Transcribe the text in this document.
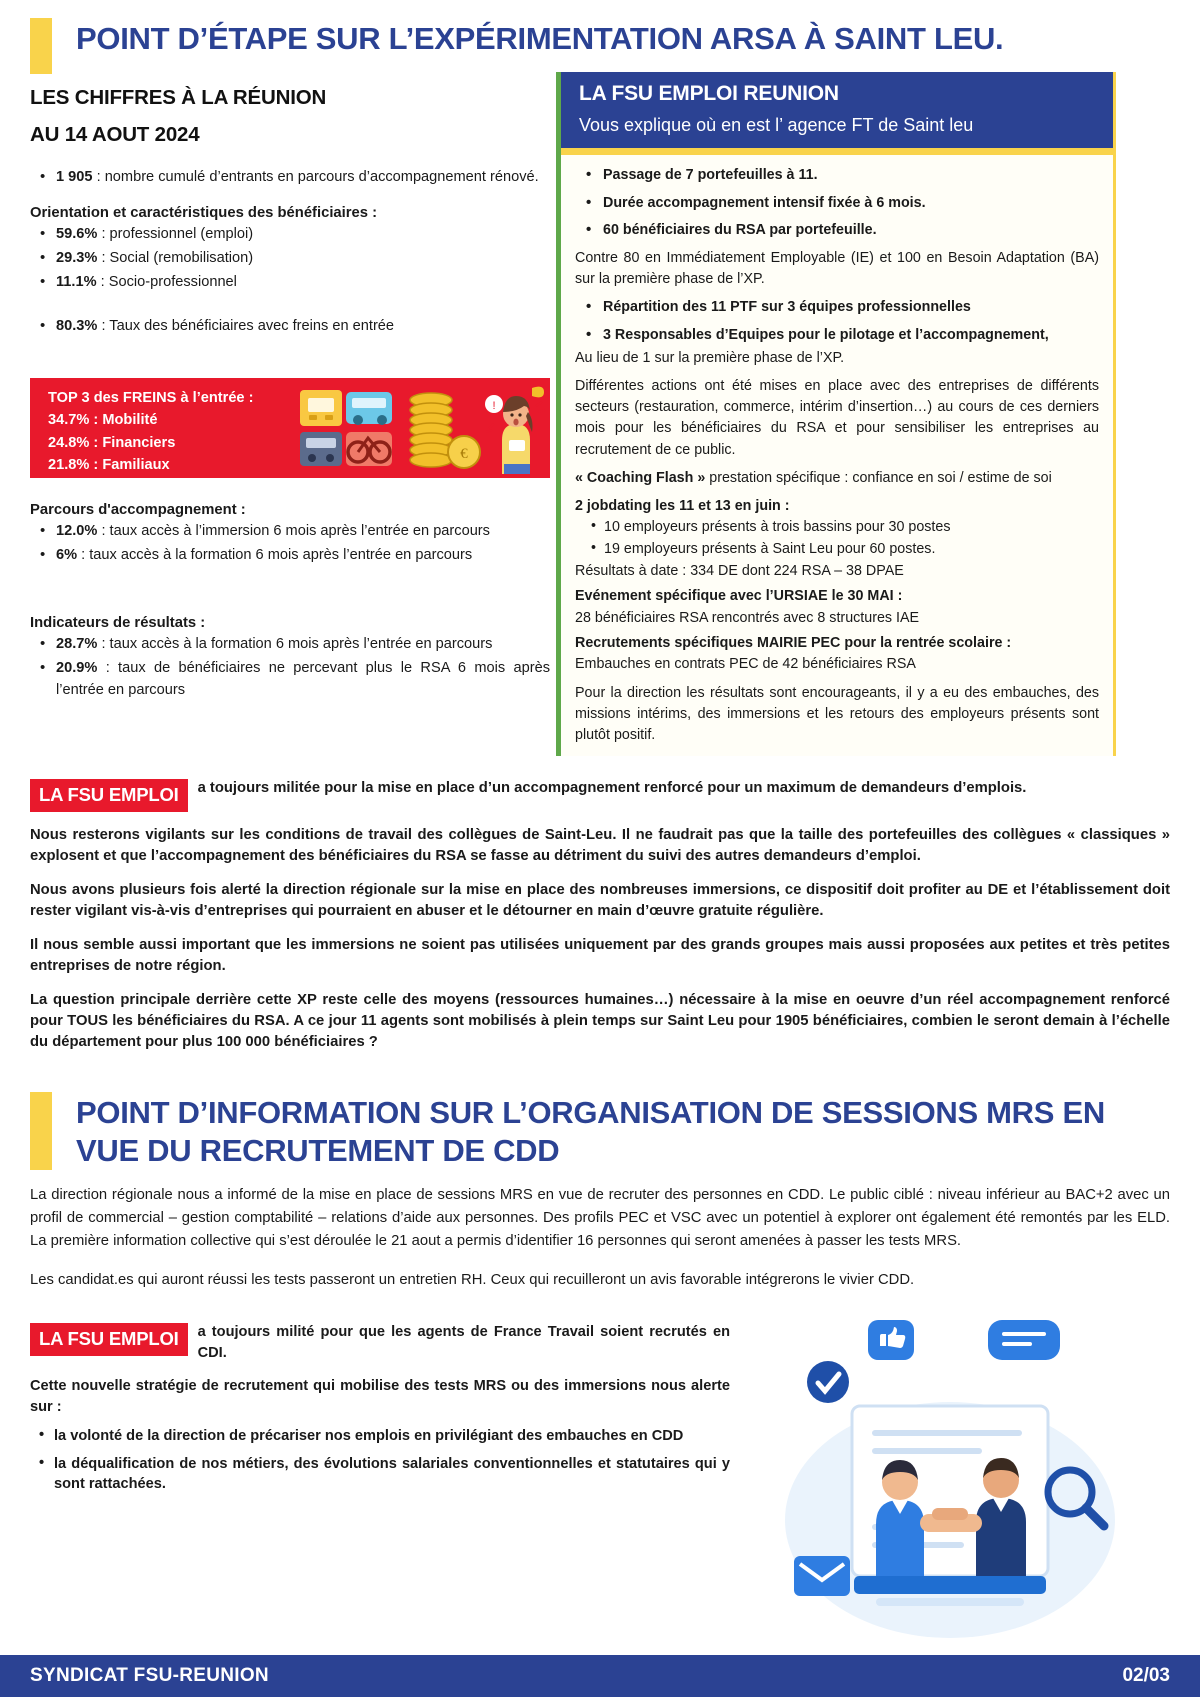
POINT D’ÉTAPE SUR L’EXPÉRIMENTATION ARSA À SAINT LEU.
LES CHIFFRES À LA RÉUNION
AU 14 AOUT 2024
• 1 905 : nombre cumulé d’entrants en parcours d’accompagnement rénové.
Orientation et caractéristiques des bénéficiaires :
• 59.6% : professionnel (emploi)
• 29.3% : Social (remobilisation)
• 11.1% : Socio-professionnel
• 80.3% : Taux des bénéficiaires avec freins en entrée
TOP 3 des FREINS à l’entrée :
34.7% : Mobilité
24.8% : Financiers
21.8% : Familiaux
€
!
Parcours d'accompagnement :
• 12.0% : taux accès à l’immersion 6 mois après l’entrée en parcours
• 6% : taux accès à la formation 6 mois après l’entrée en parcours
Indicateurs de résultats :
• 28.7% : taux accès à la formation 6 mois après l’entrée en parcours
• 20.9% : taux de bénéficiaires ne percevant plus le RSA 6 mois après l’entrée en parcours
LA FSU EMPLOI REUNION
Vous explique où en est l’ agence FT de Saint leu
• Passage de 7 portefeuilles à 11.
• Durée accompagnement intensif fixée à 6 mois.
• 60 bénéficiaires du RSA par portefeuille.

Contre 80 en Immédiatement Employable (IE) et 100 en Besoin Adaptation (BA) sur la première phase de l’XP.

• Répartition des 11 PTF sur 3 équipes professionnelles
• 3 Responsables d’Equipes pour le pilotage et l’accompagnement,

Au lieu de 1 sur la première phase de l’XP.

Différentes actions ont été mises en place avec des entreprises de différents secteurs (restauration, commerce, intérim d’insertion…) au cours de ces derniers mois pour les bénéficiaires du RSA et pour sensibiliser les entreprises au recrutement de ce public.

« Coaching Flash » prestation spécifique : confiance en soi / estime de soi

2 jobdating les 11 et 13 en juin :

• 10 employeurs présents à trois bassins pour 30 postes
• 19 employeurs présents à Saint Leu pour 60 postes.

Résultats à date : 334 DE dont 224 RSA – 38 DPAE

Evénement spécifique avec l’URSIAE le 30 MAI :

28 bénéficiaires RSA rencontrés avec 8 structures IAE

Recrutements spécifiques MAIRIE PEC pour la rentrée scolaire :

Embauches en contrats PEC de 42 bénéficiaires RSA

Pour la direction les résultats sont encourageants, il y a eu des embauches, des missions intérims, des immersions et les retours des employeurs présents sont plutôt positif.

LA FSU EMPLOI	a toujours militée pour la mise en place d’un accompagnement renforcé pour un maximum de demandeurs d’emplois.

Nous resterons vigilants sur les conditions de travail des collègues de Saint-Leu. Il ne faudrait pas que la taille des portefeuilles des collègues « classiques » explosent et que l’accompagnement des bénéficiaires du RSA se fasse au détriment du suivi des autres demandeurs d’emploi.

Nous avons plusieurs fois alerté la direction régionale sur la mise en place des nombreuses immersions, ce dispositif doit profiter au DE et l’établissement doit rester vigilant vis-à-vis d’entreprises qui pourraient en abuser et le détourner en main d’œuvre gratuite régulière.

Il nous semble aussi important que les immersions ne soient pas utilisées uniquement par des grands groupes mais aussi proposées aux petites et très petites entreprises de notre région.

La question principale derrière cette XP reste celle des moyens (ressources humaines…) nécessaire à la mise en oeuvre d’un réel accompagnement renforcé pour TOUS les bénéficiaires du RSA. A ce jour 11 agents sont mobilisés à plein temps sur Saint Leu pour 1905 bénéficiaires, combien le seront demain à l’échelle du département pour plus 100 000 bénéficiaires ?

POINT D’INFORMATION SUR L’ORGANISATION DE SESSIONS MRS EN VUE DU RECRUTEMENT DE CDD

La direction régionale nous a informé de la mise en place de sessions MRS en vue de recruter des personnes en CDD. Le public ciblé : niveau inférieur au BAC+2 avec un profil de commercial – gestion comptabilité – relations d’aide aux personnes. Des profils PEC et VSC avec un potentiel à explorer ont également été remontés par les ELD. La première information collective qui s’est déroulée le 21 aout a permis d’identifier 16 personnes qui seront amenées à passer les tests MRS.

Les candidat.es qui auront réussi les tests passeront un entretien RH. Ceux qui recuilleront un avis favorable intégrerons le vivier CDD.

LA FSU EMPLOI	a toujours milité pour que les agents de France Travail soient recrutés en CDI.

Cette nouvelle stratégie de recrutement qui mobilise des tests MRS ou des immersions nous alerte sur :

• la volonté de la direction de précariser nos emplois en privilégiant des embauches en CDD
• la déqualification de nos métiers, des évolutions salariales conventionnelles et statutaires qui y sont rattachées.
SYNDICAT FSU-REUNION	02/03
